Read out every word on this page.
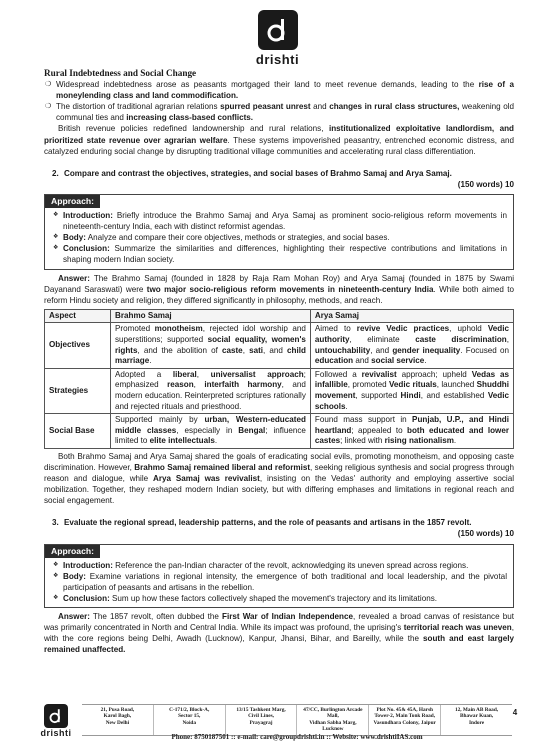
drishti

Rural Indebtedness and Social Change

❍ Widespread indebtedness arose as peasants mortgaged their land to meet revenue demands, leading to the rise of a moneylending class and land commodification.
❍ The distortion of traditional agrarian relations spurred peasant unrest and changes in rural class structures, weakening old communal ties and increasing class-based conflicts.

British revenue policies redefined landownership and rural relations, institutionalized exploitative landlordism, and prioritized state revenue over agrarian welfare. These systems impoverished peasantry, entrenched economic distress, and catalyzed enduring social change by disrupting traditional village communities and accelerating rural class differentiation.

2. Compare and contrast the objectives, strategies, and social bases of Brahmo Samaj and Arya Samaj.
(150 words) 10
Approach:
❖ Introduction: Briefly introduce the Brahmo Samaj and Arya Samaj as prominent socio-religious reform movements in nineteenth-century India, each with distinct reformist agendas.
❖ Body: Analyze and compare their core objectives, methods or strategies, and social bases.
❖ Conclusion: Summarize the similarities and differences, highlighting their respective contributions and limitations in shaping modern Indian society.

Answer: The Brahmo Samaj (founded in 1828 by Raja Ram Mohan Roy) and Arya Samaj (founded in 1875 by Swami Dayanand Saraswati) were two major socio-religious reform movements in nineteenth-century India. While both aimed to reform Hindu society and religion, they differed significantly in philosophy, methods, and reach.

Aspect	Brahmo Samaj	Arya Samaj
Objectives	Promoted monotheism, rejected idol worship and superstitions; supported social equality, women's rights, and the abolition of caste, sati, and child marriage.	Aimed to revive Vedic practices, uphold Vedic authority, eliminate caste discrimination, untouchability, and gender inequality. Focused on education and social service.
Strategies	Adopted a liberal, universalist approach; emphasized reason, interfaith harmony, and modern education. Reinterpreted scriptures rationally and rejected rituals and priesthood.	Followed a revivalist approach; upheld Vedas as infallible, promoted Vedic rituals, launched Shuddhi movement, supported Hindi, and established Vedic schools.
Social Base	Supported mainly by urban, Western-educated middle classes, especially in Bengal; influence limited to elite intellectuals.	Found mass support in Punjab, U.P., and Hindi heartland; appealed to both educated and lower castes; linked with rising nationalism.

Both Brahmo Samaj and Arya Samaj shared the goals of eradicating social evils, promoting monotheism, and opposing caste discrimination. However, Brahmo Samaj remained liberal and reformist, seeking religious synthesis and social progress through reason and dialogue, while Arya Samaj was revivalist, insisting on the Vedas' authority and employing assertive social mobilization. Together, they reshaped modern Indian society, but with differing emphases and limitations in regional reach and social engagement.

3. Evaluate the regional spread, leadership patterns, and the role of peasants and artisans in the 1857 revolt.
(150 words) 10
Approach:
❖ Introduction: Reference the pan-Indian character of the revolt, acknowledging its uneven spread across regions.
❖ Body: Examine variations in regional intensity, the emergence of both traditional and local leadership, and the pivotal participation of peasants and artisans in the rebellion.
❖ Conclusion: Sum up how these factors collectively shaped the movement's trajectory and its limitations.

Answer: The 1857 revolt, often dubbed the First War of Indian Independence, revealed a broad canvas of resistance but was primarily concentrated in North and Central India. While its impact was profound, the uprising's territorial reach was uneven, with the core regions being Delhi, Awadh (Lucknow), Kanpur, Jhansi, Bihar, and Bareilly, while the south and east largely remained unaffected.

drishti
21, Pusa Road,
Karol Bagh,
New Delhi

C-171/2, Block-A,
Sector 15,
Noida

13/15 Tashkent Marg,
Civil Lines,
Prayagraj

47/CC, Burlington Arcade Mall,
Vidhan Sabha Marg,
Lucknow

Plot No. 45& 45A, Harsh
Tower-2, Main Tonk Road,
Vasundhara Colony, Jaipur

12, Main AB Road,
Bhawar Kuan,
Indore

4
Phone: 8750187501 :: e-mail: care@groupdrishti.in :: Website: www.drishtiIAS.com
